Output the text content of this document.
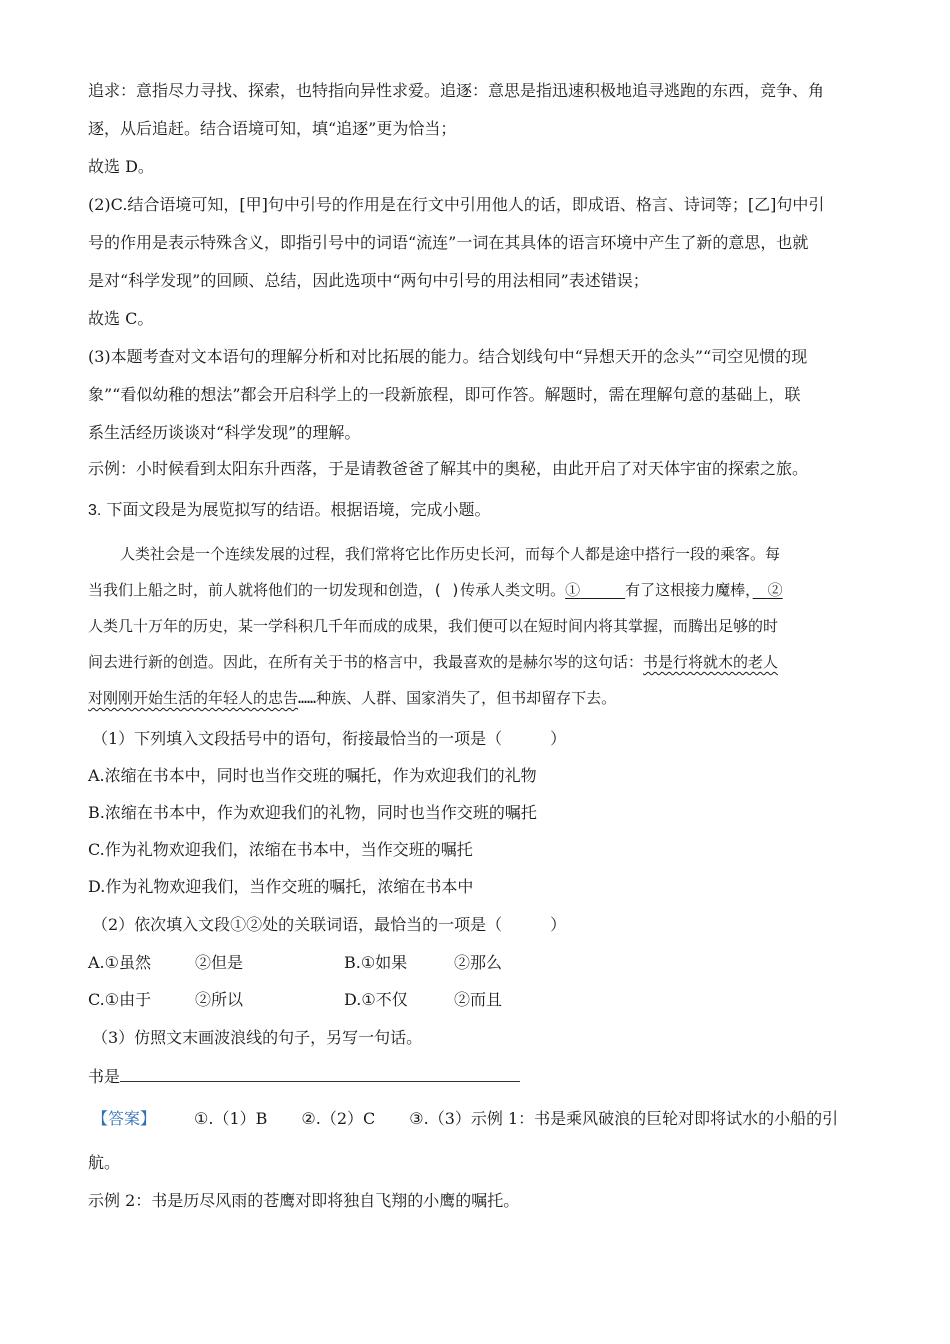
追求：意指尽力寻找、探索，也特指向异性求爱。追逐：意思是指迅速积极地追寻逃跑的东西，竞争、角
逐，从后追赶。结合语境可知，填“追逐”更为恰当；
故选 D。
(2)C.结合语境可知，[甲]句中引号的作用是在行文中引用他人的话，即成语、格言、诗词等；[乙]句中引
号的作用是表示特殊含义，即指引号中的词语“流连”一词在其具体的语言环境中产生了新的意思，也就
是对“科学发现”的回顾、总结，因此选项中“两句中引号的用法相同”表述错误；
故选 C。
(3)本题考查对文本语句的理解分析和对比拓展的能力。结合划线句中“异想天开的念头”“司空见惯的现
象”“看似幼稚的想法”都会开启科学上的一段新旅程，即可作答。解题时，需在理解句意的基础上，联
系生活经历谈谈对“科学发现”的理解。
示例：小时候看到太阳东升西落，于是请教爸爸了解其中的奥秘，由此开启了对天体宇宙的探索之旅。
3. 下面文段是为展览拟写的结语。根据语境，完成小题。
人类社会是一个连续发展的过程，我们常将它比作历史长河，而每个人都是途中搭行一段的乘客。每
当我们上船之时，前人就将他们的一切发现和创造，( )传承人类文明。①　　　	有了这根接力魔棒，　 ②
人类几十万年的历史，某一学科积几千年而成的成果，我们便可以在短时间内将其掌握，而腾出足够的时
间去进行新的创造。因此，在所有关于书的格言中，我最喜欢的是赫尔岑的这句话：书是行将就木的老人
对刚刚开始生活的年轻人的忠告……种族、人群、国家消失了，但书却留存下去。
（1）下列填入文段括号中的语句，衔接最恰当的一项是（　　　）
A.浓缩在书本中，同时也当作交班的嘱托，作为欢迎我们的礼物
B.浓缩在书本中，作为欢迎我们的礼物，同时也当作交班的嘱托
C.作为礼物欢迎我们，浓缩在书本中，当作交班的嘱托
D.作为礼物欢迎我们，当作交班的嘱托，浓缩在书本中
（2）依次填入文段①②处的关联词语，最恰当的一项是（　　　）
A.①虽然	②但是	B.①如果	②那么
C.①由于	②所以	D.①不仅	②而且
（3）仿照文末画波浪线的句子，另写一句话。
书是
【答案】 ①.（1）B ②.（2）C ③.（3）示例 1：书是乘风破浪的巨轮对即将试水的小船的引
航。
示例 2：书是历尽风雨的苍鹰对即将独自飞翔的小鹰的嘱托。
